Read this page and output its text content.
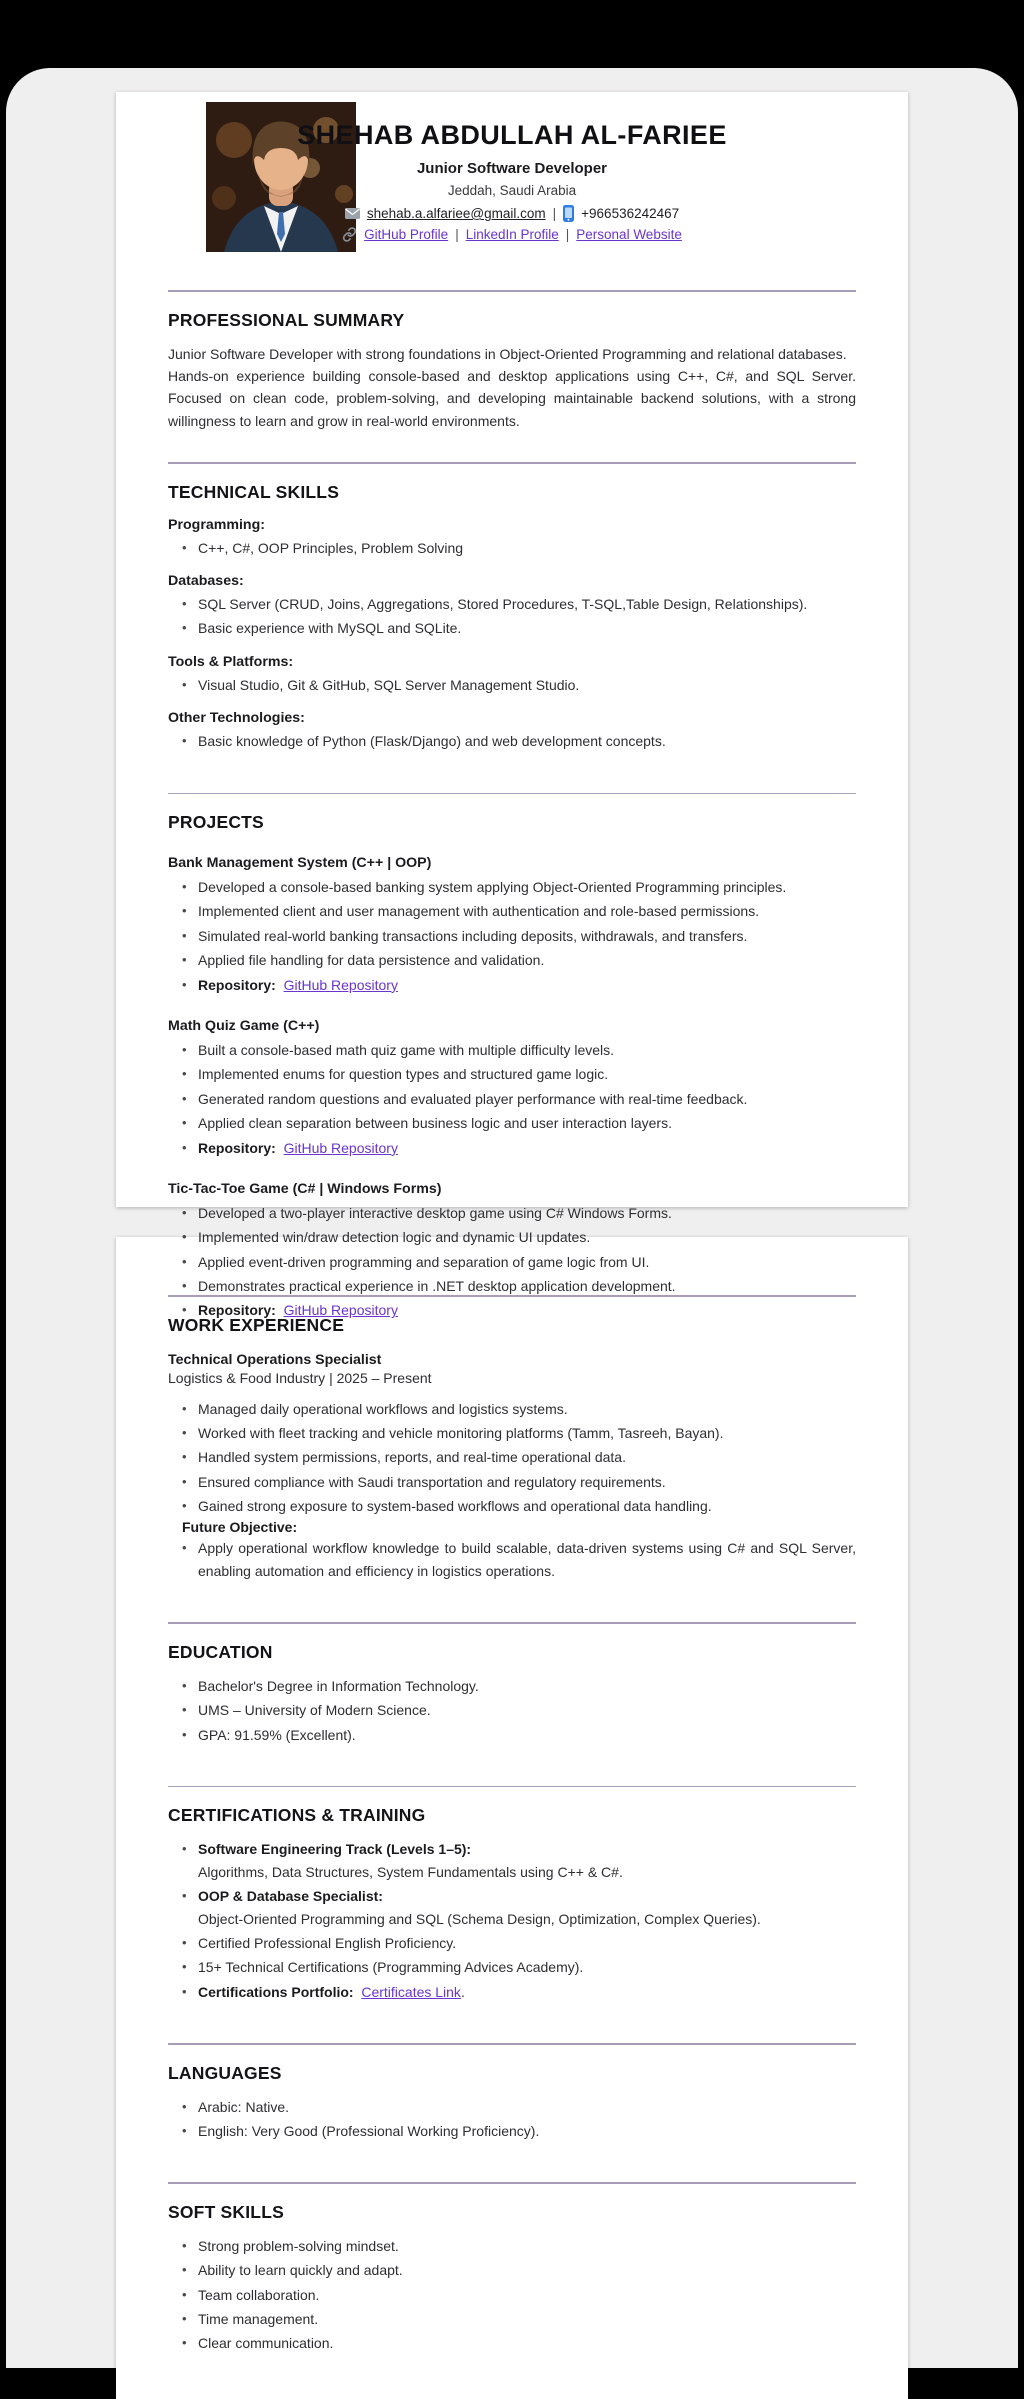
SHEHAB ABDULLAH AL-FARIEE
Junior Software Developer
Jeddah, Saudi Arabia
shehab.a.alfariee@gmail.com | +966536242467
GitHub Profile | LinkedIn Profile | Personal Website
PROFESSIONAL SUMMARY

Junior Software Developer with strong foundations in Object-Oriented Programming and relational databases.

Hands-on experience building console-based and desktop applications using C++, C#, and SQL Server. Focused on clean code, problem-solving, and developing maintainable backend solutions, with a strong willingness to learn and grow in real-world environments.

TECHNICAL SKILLS
Programming:
• C++, C#, OOP Principles, Problem Solving
Databases:
• SQL Server (CRUD, Joins, Aggregations, Stored Procedures, T-SQL,Table Design, Relationships).
• Basic experience with MySQL and SQLite.
Tools & Platforms:
• Visual Studio, Git & GitHub, SQL Server Management Studio.
Other Technologies:
• Basic knowledge of Python (Flask/Django) and web development concepts.
PROJECTS
Bank Management System (C++ | OOP)
• Developed a console-based banking system applying Object-Oriented Programming principles.
• Implemented client and user management with authentication and role-based permissions.
• Simulated real-world banking transactions including deposits, withdrawals, and transfers.
• Applied file handling for data persistence and validation.
• Repository: GitHub Repository
Math Quiz Game (C++)
• Built a console-based math quiz game with multiple difficulty levels.
• Implemented enums for question types and structured game logic.
• Generated random questions and evaluated player performance with real-time feedback.
• Applied clean separation between business logic and user interaction layers.
• Repository: GitHub Repository
Tic-Tac-Toe Game (C# | Windows Forms)
• Developed a two-player interactive desktop game using C# Windows Forms.
• Implemented win/draw detection logic and dynamic UI updates.
• Applied event-driven programming and separation of game logic from UI.
• Demonstrates practical experience in .NET desktop application development.
• Repository: GitHub Repository
WORK EXPERIENCE
Technical Operations Specialist
Logistics & Food Industry | 2025 – Present
• Managed daily operational workflows and logistics systems.
• Worked with fleet tracking and vehicle monitoring platforms (Tamm, Tasreeh, Bayan).
• Handled system permissions, reports, and real-time operational data.
• Ensured compliance with Saudi transportation and regulatory requirements.
• Gained strong exposure to system-based workflows and operational data handling.
Future Objective:
• Apply operational workflow knowledge to build scalable, data-driven systems using C# and SQL Server, enabling automation and efficiency in logistics operations.
EDUCATION
• Bachelor's Degree in Information Technology.
• UMS – University of Modern Science.
• GPA: 91.59% (Excellent).
CERTIFICATIONS & TRAINING
• Software Engineering Track (Levels 1–5):
Algorithms, Data Structures, System Fundamentals using C++ & C#.
• OOP & Database Specialist:
Object-Oriented Programming and SQL (Schema Design, Optimization, Complex Queries).
• Certified Professional English Proficiency.
• 15+ Technical Certifications (Programming Advices Academy).
• Certifications Portfolio: Certificates Link.
LANGUAGES
• Arabic: Native.
• English: Very Good (Professional Working Proficiency).
SOFT SKILLS
• Strong problem-solving mindset.
• Ability to learn quickly and adapt.
• Team collaboration.
• Time management.
• Clear communication.
